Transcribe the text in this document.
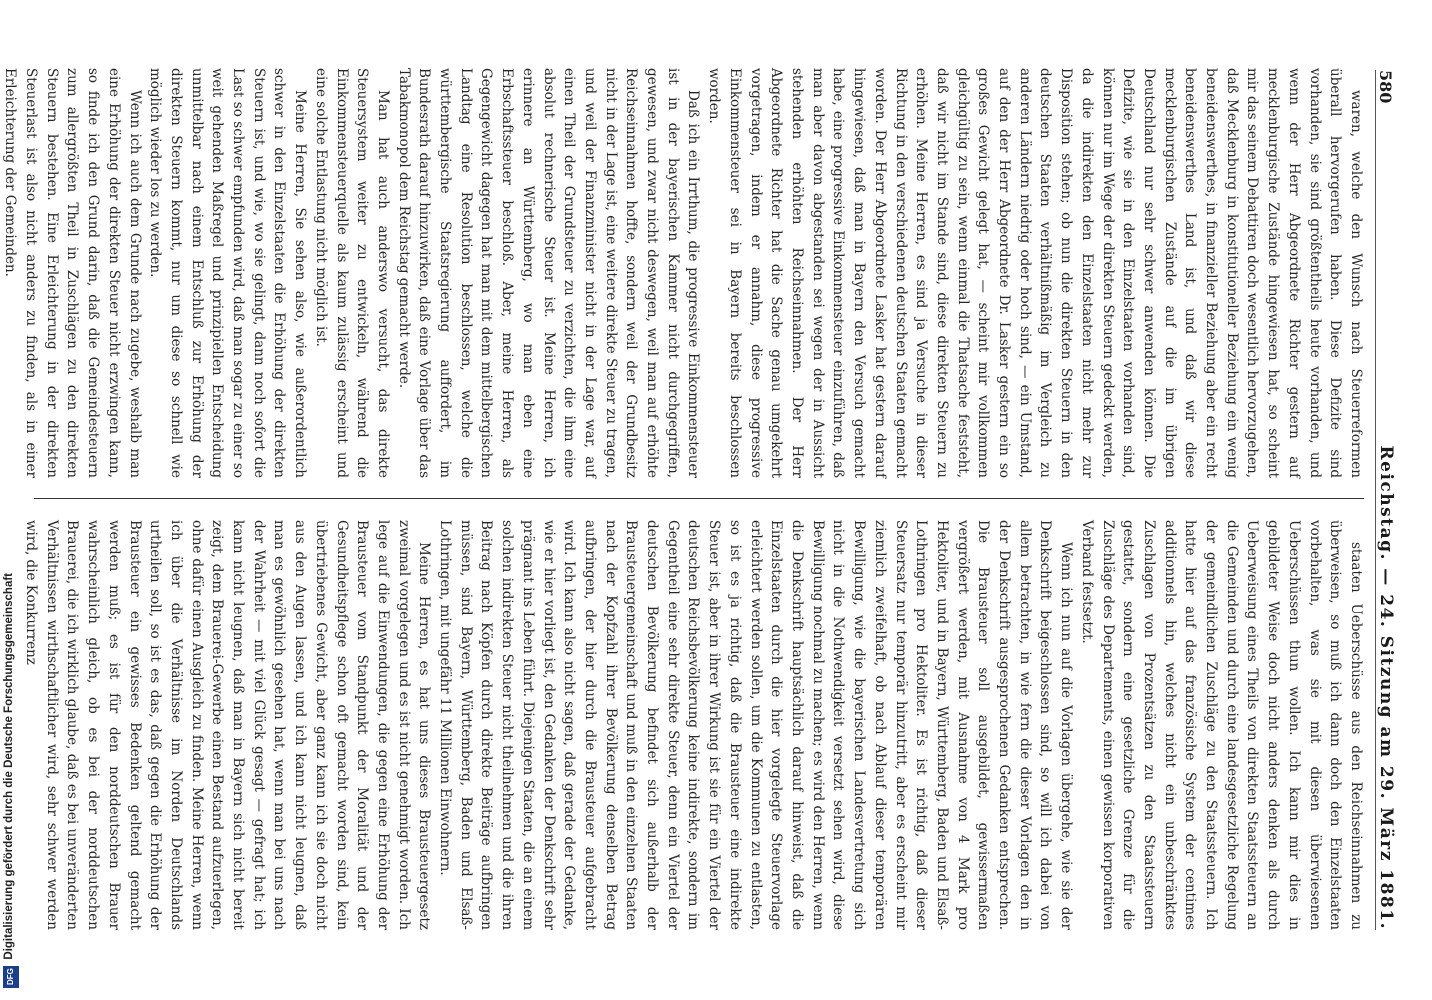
580
Reichstag. — 24. Sitzung am 29. März 1881.

waren, welche den Wunsch nach Steuerreformen überall hervorgerufen haben. Diese Defizite sind vorhanden, sie sind größtentheils heute vorhanden, und wenn der Herr Abgeordnete Richter gestern auf mecklenburgische Zustände hingewiesen hat, so scheint mir das seinem Debattiren doch wesentlich hervorzugehen, daß Mecklenburg in konstitutioneller Beziehung ein wenig beneidenswerthes, in finanzieller Beziehung aber ein recht beneidenswerthes Land ist, und daß wir diese mecklenburgischen Zustände auf die im übrigen Deutschland nur sehr schwer anwenden können. Die Defizite, wie sie in den Einzelstaaten vorhanden sind, können nur im Wege der direkten Steuern gedeckt werden, da die indirekten den Einzelstaaten nicht mehr zur Disposition stehen; ob nun die direkten Steuern in den deutschen Staaten verhältnißmäßig im Vergleich zu anderen Ländern niedrig oder hoch sind, — ein Umstand, auf den der Herr Abgeordnete Dr. Lasker gestern ein so großes Gewicht gelegt hat, — scheint mir vollkommen gleichgültig zu sein, wenn einmal die Thatsache feststeht, daß wir nicht im Stande sind, diese direkten Steuern zu erhöhen. Meine Herren, es sind ja Versuche in dieser Richtung in den verschiedenen deutschen Staaten gemacht worden. Der Herr Abgeordnete Lasker hat gestern darauf hingewiesen, daß man in Bayern den Versuch gemacht habe, eine progressive Einkommensteuer einzuführen, daß man aber davon abgestanden sei wegen der in Aussicht stehenden erhöhten Reichseinnahmen. Der Herr Abgeordnete Richter hat die Sache genau umgekehrt vorgetragen, indem er annahm, diese progressive Einkommensteuer sei in Bayern bereits beschlossen worden.

Daß ich ein Irrthum, die progressive Einkommensteuer ist in der bayerischen Kammer nicht durchgegriffen, gewesen, und zwar nicht deswegen, weil man auf erhöhte Reichseinnahmen hoffte, sondern weil der Grundbesitz nicht in der Lage ist, eine weitere direkte Steuer zu tragen, und weil der Finanzminister nicht in der Lage war, auf einen Theil der Grundsteuer zu verzichten, die ihm eine absolut rechnerische Steuer ist. Meine Herren, ich erinnere an Württemberg, wo man eben eine Erbschaftssteuer beschloß. Aber, meine Herren, als Gegengewicht dagegen hat man mit dem mittelbergischen Landtag eine Resolution beschlossen, welche die württembergische Staatsregierung auffordert, im Bundesrath darauf hinzuwirken, daß eine Vorlage über das Tabakmonopol dem Reichstag gemacht werde.

Man hat auch anderswo versucht, das direkte Steuersystem weiter zu entwickeln, während die Einkommensteuerquelle als kaum zulässig erscheint und eine solche Entlastung nicht möglich ist.

Meine Herren, Sie sehen also, wie außerordentlich schwer in den Einzelstaaten die Erhöhung der direkten Steuern ist, und wie, wo sie gelingt, dann noch sofort die Last so schwer empfunden wird, daß man sogar zu einer so weit gehenden Maßregel und prinzipiellen Entscheidung unmittelbar nach einem Entschluß zur Erhöhung der direkten Steuern kommt, nur um diese so schnell wie möglich wieder los zu werden.

Wenn ich auch dem Grunde nach zugebe, weshalb man eine Erhöhung der direkten Steuer nicht erzwingen kann, so finde ich den Grund darin, daß die Gemeindesteuern zum allergrößten Theil in Zuschlägen zu den direkten Steuern bestehen. Eine Erleichterung in der direkten Steuerlast ist also nicht anders zu finden, als in einer Erleichterung der Gemeinden.

staaten Ueberschüsse aus den Reichseinnahmen zu überweisen, so muß ich dann doch den Einzelstaaten vorbehalten, was sie mit diesen überwiesenen Ueberschüssen thun wollen. Ich kann mir dies in gebildeter Weise doch nicht anders denken als durch Ueberweisung eines Theils von direkten Staatssteuern an die Gemeinden und durch eine landesgesetzliche Regelung der gemeindlichen Zuschläge zu den Staatssteuern. Ich hatte hier auf das französische System der centimes additionnels hin, welches nicht ein unbeschränktes Zuschlagen von Prozentsätzen zu den Staatssteuern gestattet, sondern eine gesetzliche Grenze für die Zuschläge des Departements, einen gewissen korporativen Verband festsetzt.

Wenn ich nun auf die Vorlagen übergehe, wie sie der Denkschrift beigeschlossen sind, so will ich dabei von allem betrachten, in wie fern die dieser Vorlagen den in der Denkschrift ausgesprochenen Gedanken entsprechen. Die Brausteuer soll ausgebildet, gewissermaßen vergrößert werden, mit Ausnahme von 4 Mark pro Hektoliter, und in Bayern, Württemberg, Baden und Elsaß-Lothringen pro Hektoliter. Es ist richtig, daß dieser Steuersatz nur temporär hinzutritt, aber es erscheint mir ziemlich zweifelhaft, ob nach Ablauf dieser temporären Bewilligung, wie die bayerischen Landesvertretung sich nicht in die Nothwendigkeit versetzt sehen wird, diese Bewilligung nochmal zu machen; es wird den Herren, wenn die Denkschrift hauptsächlich darauf hinweist, daß die Einzelstaaten durch die hier vorgelegte Steuervorlage erleichtert werden sollen, um die Kommunen zu entlasten, so ist es ja richtig, daß die Brausteuer eine indirekte Steuer ist, aber in ihrer Wirkung ist sie für ein Viertel der deutschen Reichsbevölkerung keine indirekte, sondern im Gegentheil eine sehr direkte Steuer, denn ein Viertel der deutschen Bevölkerung befindet sich außerhalb der Brausteuergemeinschaft und muß in den einzelnen Staaten nach der Kopfzahl ihrer Bevölkerung denselben Betrag aufbringen, der hier durch die Brausteuer aufgebracht wird. Ich kann also nicht sagen, daß gerade der Gedanke, wie er hier vorliegt ist, den Gedanken der Denkschrift sehr prägnant ins Leben führt. Diejenigen Staaten, die an einem solchen indirekten Steuer nicht theilnehmen und die ihren Beitrag nach Köpfen durch direkte Beiträge aufbringen müssen, sind Bayern, Württemberg, Baden und Elsaß-Lothringen, mit ungefähr 11 Millionen Einwohnern.

Meine Herren, es hat uns dieses Brausteuergesetz zweimal vorgelegen und es ist nicht genehmigt worden. Ich lege auf die Einwendungen, die gegen eine Erhöhung der Brausteuer vom Standpunkt der Moralität und der Gesundheitspflege schon oft gemacht worden sind, kein übertriebenes Gewicht, aber ganz kann ich sie doch nicht aus den Augen lassen, und ich kann nicht leugnen, daß man es gewöhnlich gesehen hat, wenn man bei uns nach der Wahrheit — mit viel Glück gesagt — gefragt hat; ich kann nicht leugnen, daß man in Bayern sich nicht bereit zeigt, dem Brauerei-Gewerbe einen Bestand aufzuerlegen, ohne dafür einen Ausgleich zu finden. Meine Herren, wenn ich über die Verhältnisse im Norden Deutschlands urtheilen soll, so ist es das, daß gegen die Erhöhung der Brausteuer ein gewisses Bedenken geltend gemacht werden muß; es ist für den norddeutschen Brauer wahrscheinlich gleich, ob es bei der norddeutschen Brauerei, die ich wirklich glaube, daß es bei unveränderten Verhältnissen wirthschaftlicher wird, sehr schwer werden wird, die Konkurrenz

Digitalisierung gefördert durch die Deutsche Forschungsgemeinschaft
DFG
